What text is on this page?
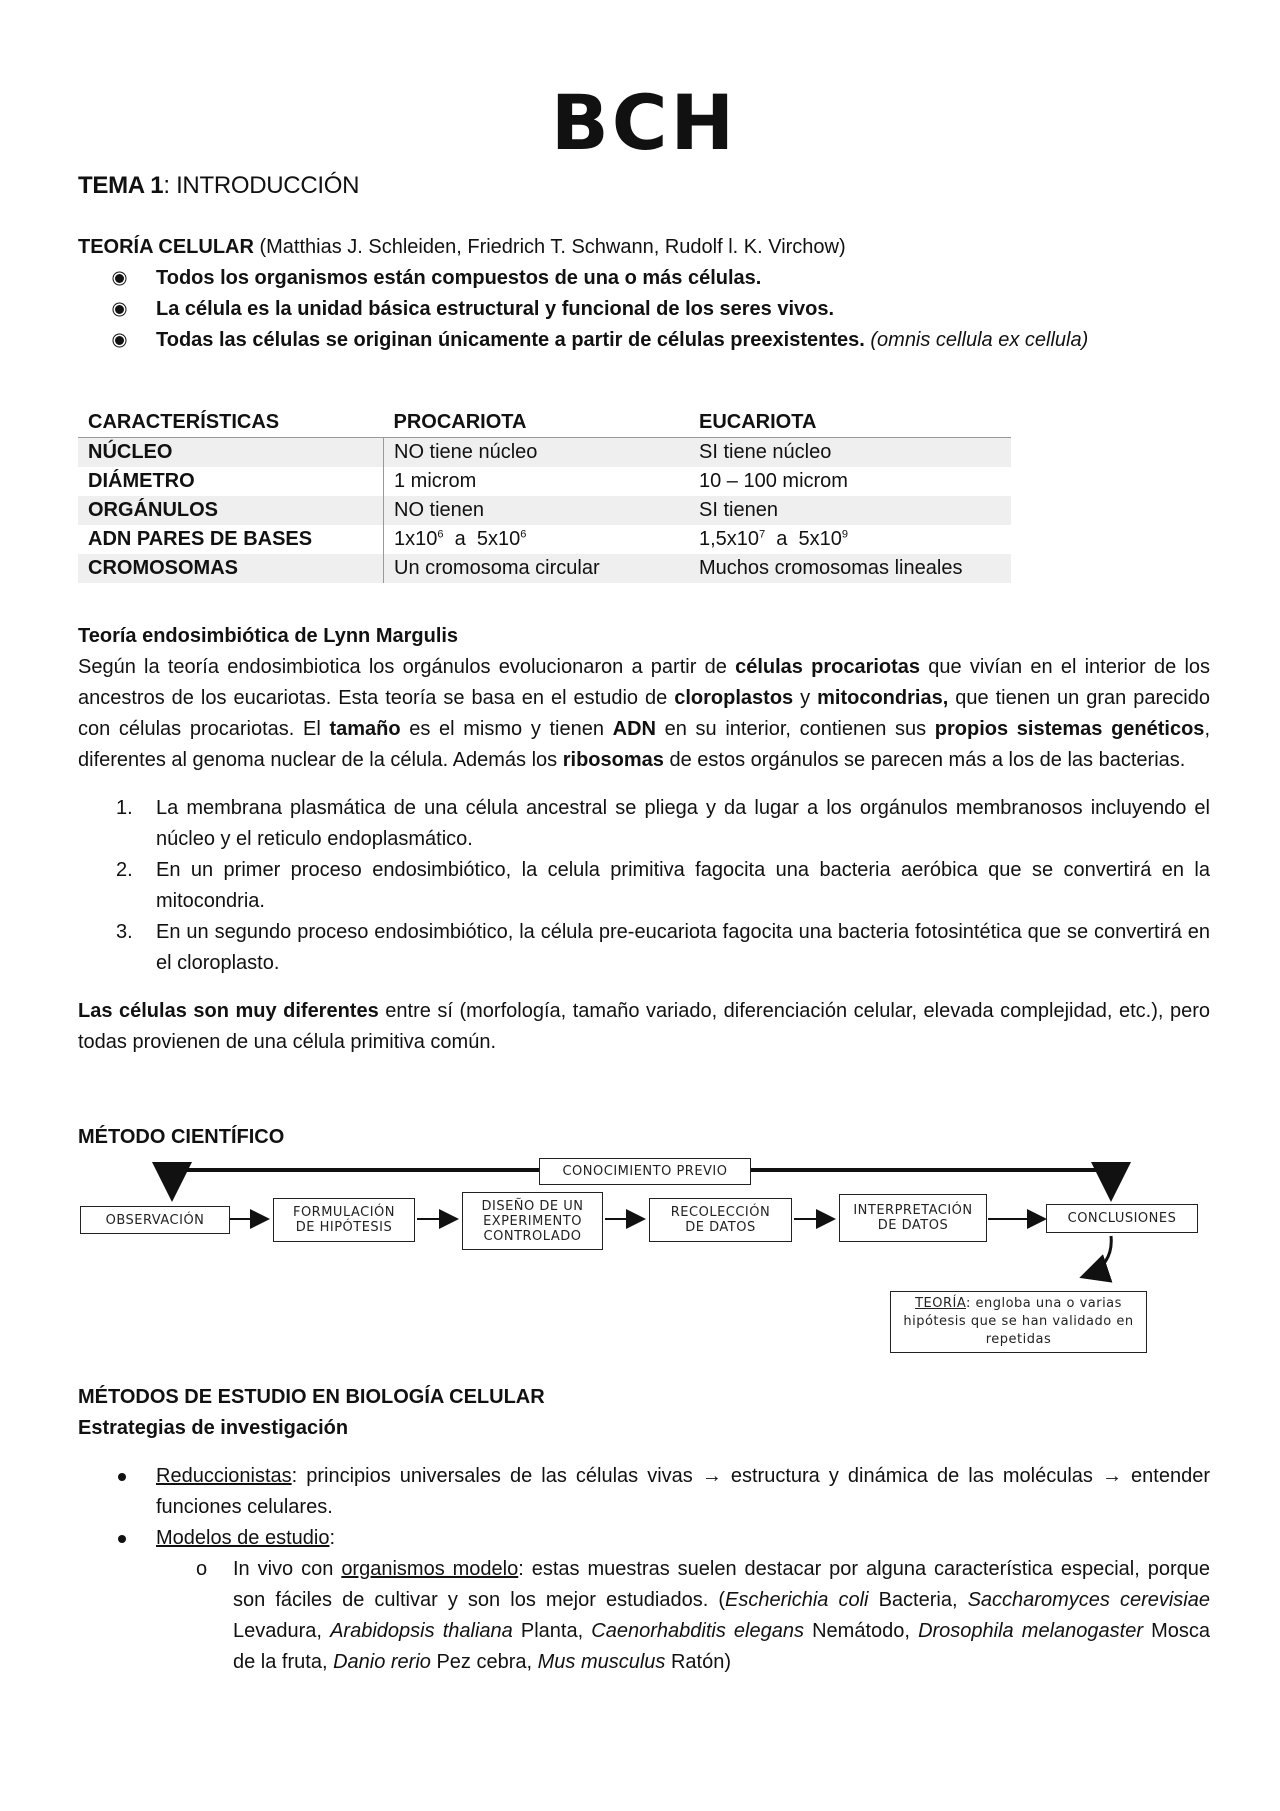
BCH

TEMA 1: INTRODUCCIÓN

TEORÍA CELULAR (Matthias J. Schleiden, Friedrich T. Schwann, Rudolf l. K. Virchow)
Todos los organismos están compuestos de una o más células.
La célula es la unidad básica estructural y funcional de los seres vivos.
Todas las células se originan únicamente a partir de células preexistentes. (omnis cellula ex cellula)
CARACTERÍSTICAS	PROCARIOTA	EUCARIOTA
NÚCLEO	NO tiene núcleo	SI tiene núcleo
DIÁMETRO	1 microm	10 – 100 microm
ORGÁNULOS	NO tienen	SI tienen
ADN PARES DE BASES	$1x10^6$  a  $5x10^6$	$1,5x10^7$  a  $5x10^9$
CROMOSOMAS	Un cromosoma circular	Muchos cromosomas lineales
Teoría endosimbiótica de Lynn Margulis

Según la teoría endosimbiotica los orgánulos evolucionaron a partir de células procariotas que vivían en el interior de los ancestros de los eucariotas. Esta teoría se basa en el estudio de cloroplastos y mitocondrias, que tienen un gran parecido con células procariotas. El tamaño es el mismo y tienen ADN en su interior, contienen sus propios sistemas genéticos, diferentes al genoma nuclear de la célula. Además los ribosomas de estos orgánulos se parecen más a los de las bacterias.

1. La membrana plasmática de una célula ancestral se pliega y da lugar a los orgánulos membranosos incluyendo el núcleo y el reticulo endoplasmático.
2. En un primer proceso endosimbiótico, la celula primitiva fagocita una bacteria aeróbica que se convertirá en la mitocondria.
3. En un segundo proceso endosimbiótico, la célula pre-eucariota fagocita una bacteria fotosintética que se convertirá en el cloroplasto.

Las células son muy diferentes entre sí (morfología, tamaño variado, diferenciación celular, elevada complejidad, etc.), pero todas provienen de una célula primitiva común.

MÉTODO CIENTÍFICO
CONOCIMIENTO PREVIO
OBSERVACIÓN	FORMULACIÓN DE HIPÓTESIS
DISEÑO DE UN EXPERIMENTO CONTROLADO
RECOLECCIÓN DE DATOS
INTERPRETACIÓN DE DATOS	CONCLUSIONES
TEORÍA: engloba una o varias hipótesis que se han validado en repetidas
MÉTODOS DE ESTUDIO EN BIOLOGÍA CELULAR
Estrategias de investigación
Reduccionistas: principios universales de las células vivas → estructura y dinámica de las moléculas → entender funciones celulares.
Modelos de estudio:
o In vivo con organismos modelo: estas muestras suelen destacar por alguna característica especial, porque son fáciles de cultivar y son los mejor estudiados. (Escherichia coli Bacteria, Saccharomyces cerevisiae Levadura, Arabidopsis thaliana Planta, Caenorhabditis elegans Nemátodo, Drosophila melanogaster Mosca de la fruta, Danio rerio Pez cebra, Mus musculus Ratón)
